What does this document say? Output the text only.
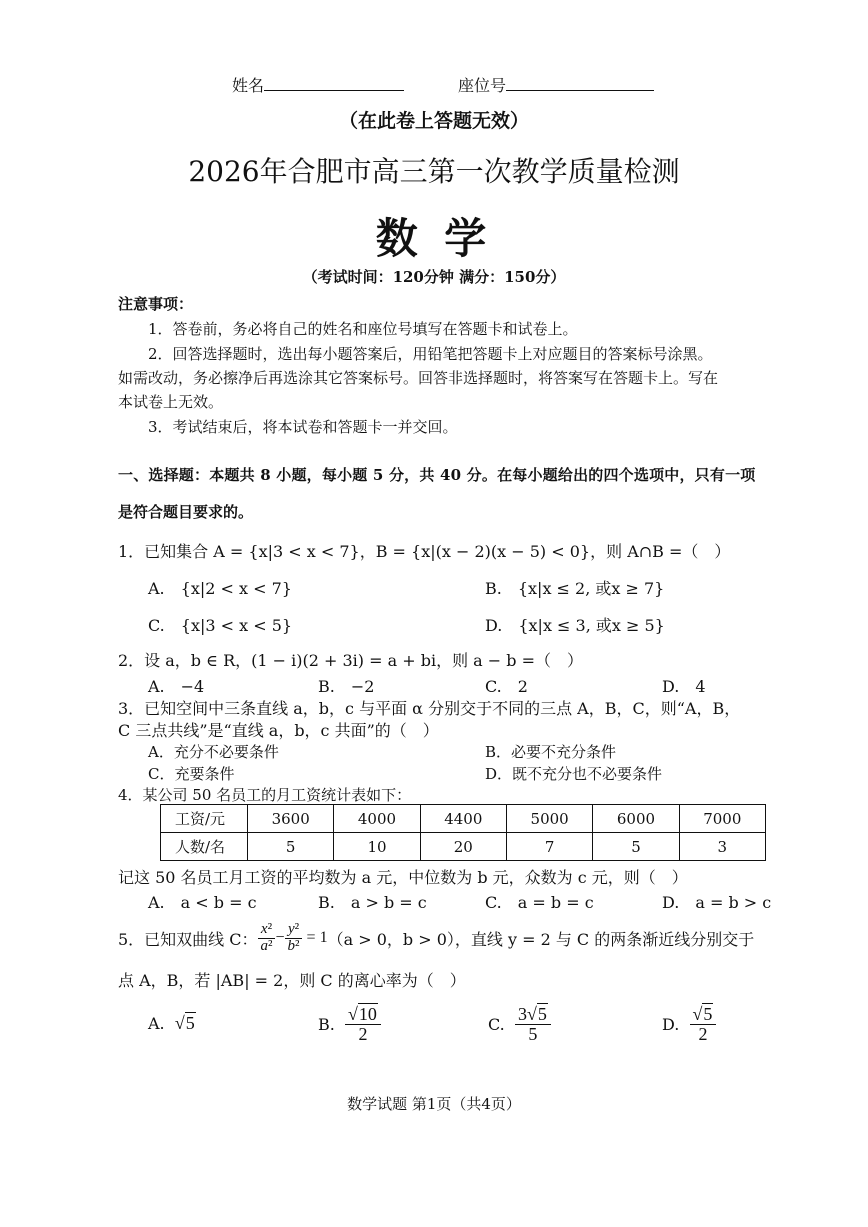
姓名	座位号
（在此卷上答题无效）
2026年合肥市高三第一次教学质量检测
数 学
（考试时间：120分钟 满分：150分）
注意事项：
1．答卷前，务必将自己的姓名和座位号填写在答题卡和试卷上。
2．回答选择题时，选出每小题答案后，用铅笔把答题卡上对应题目的答案标号涂黑。
如需改动，务必擦净后再选涂其它答案标号。回答非选择题时，将答案写在答题卡上。写在
本试卷上无效。
3．考试结束后，将本试卷和答题卡一并交回。
一、选择题：本题共 8 小题，每小题 5 分，共 40 分。在每小题给出的四个选项中，只有一项
是符合题目要求的。
1．已知集合 A = {x|3 < x < 7}，B = {x|(x − 2)(x − 5) < 0}，则 A∩B =（　）
A.　{x|2 < x < 7}	B.　{x|x ≤ 2, 或x ≥ 7}
C.　{x|3 < x < 5}	D.　{x|x ≤ 3, 或x ≥ 5}
2．设 a，b ∈ R，(1 − i)(2 + 3i) = a + bi，则 a − b =（　）
A.　−4	B.　−2	C.　2	D.　4
3．已知空间中三条直线 a，b，c 与平面 α 分别交于不同的三点 A，B，C，则“A，B，
C 三点共线”是“直线 a，b，c 共面”的（　）
A．充分不必要条件	B．必要不充分条件
C．充要条件	D．既不充分也不必要条件
4．某公司 50 名员工的月工资统计表如下：
工资/元	3600	4000	4400	5000	6000	7000
人数/名	5	10	20	7	5	3
记这 50 名员工月工资的平均数为 a 元，中位数为 b 元，众数为 c 元，则（　）
A.　a < b = c	B.　a > b = c	C.　a = b = c	D.　a = b > c
5．已知双曲线 C： $\frac{\text{x²}}{\text{a²}} - \frac{\text{y²}}{\text{b²}} = 1$ （a > 0，b > 0），直线 y = 2 与 C 的两条渐近线分别交于
点 A，B，若 |AB| = 2，则 C 的离心率为（　）
A.
√5	B.
$\frac{√10}{2}$	C.
$\frac{3√5}{5}$	D.
$\frac{√5}{2}$
数学试题 第1页（共4页）
